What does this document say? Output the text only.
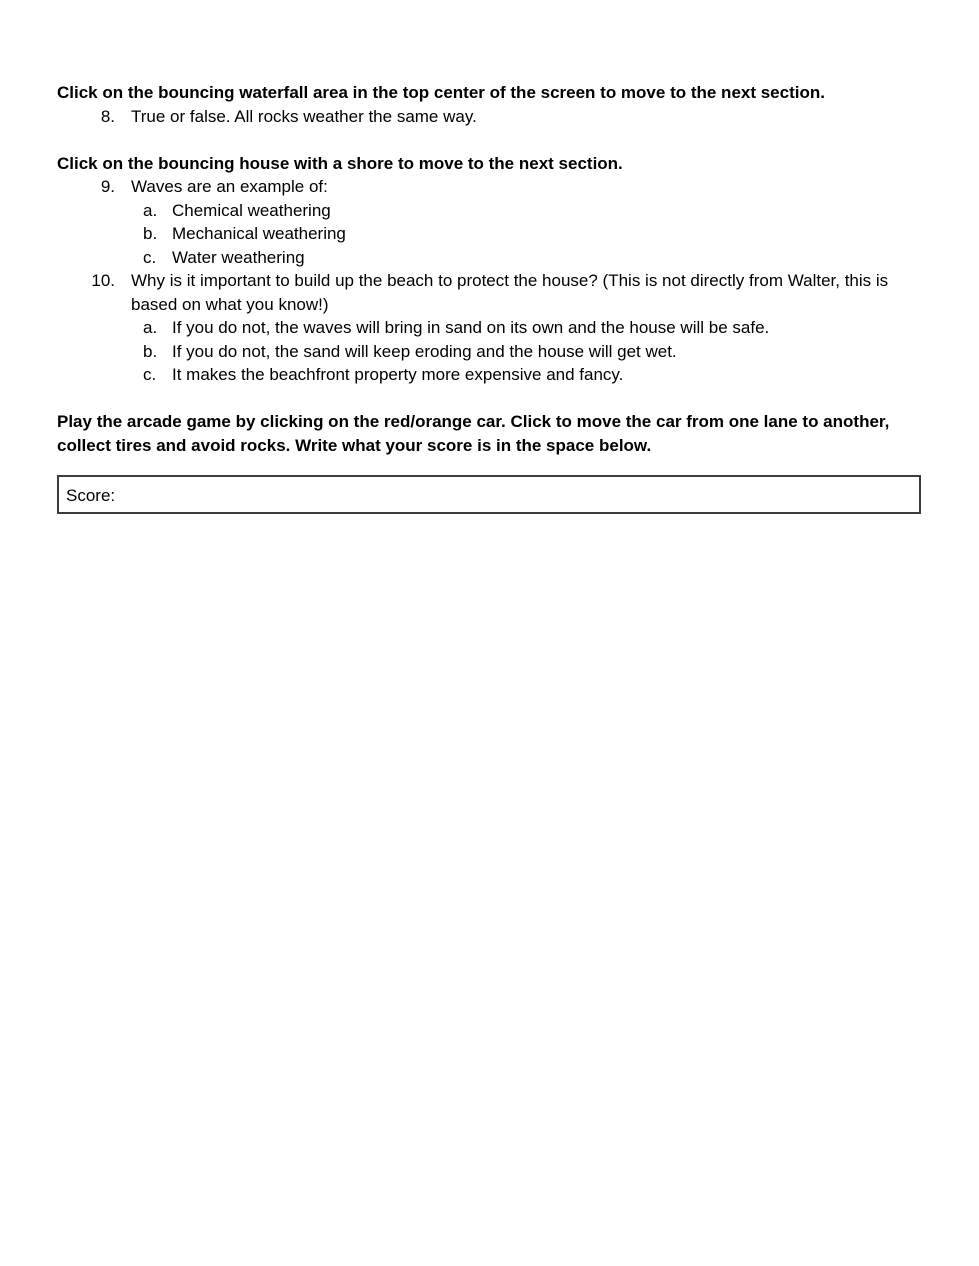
Click on the bouncing waterfall area in the top center of the screen to move to the next section.

8. True or false. All rocks weather the same way.

Click on the bouncing house with a shore to move to the next section.

9. Waves are an example of:
a. Chemical weathering
b. Mechanical weathering
c. Water weathering
10. Why is it important to build up the beach to protect the house? (This is not directly from Walter, this is based on what you know!)
a. If you do not, the waves will bring in sand on its own and the house will be safe.
b. If you do not, the sand will keep eroding and the house will get wet.
c. It makes the beachfront property more expensive and fancy.

Play the arcade game by clicking on the red/orange car. Click to move the car from one lane to another, collect tires and avoid rocks. Write what your score is in the space below.

Score:
